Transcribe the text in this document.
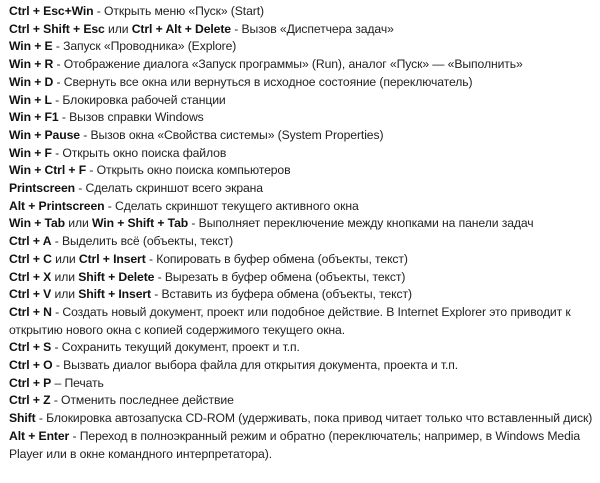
Ctrl + Esc+Win - Открыть меню «Пуск» (Start)

Ctrl + Shift + Esc или Ctrl + Alt + Delete - Вызов «Диспетчера задач»

Win + E - Запуск «Проводника» (Explore)

Win + R - Отображение диалога «Запуск программы» (Run), аналог «Пуск» — «Выполнить»

Win + D - Свернуть все окна или вернуться в исходное состояние (переключатель)

Win + L - Блокировка рабочей станции

Win + F1 - Вызов справки Windows

Win + Pause - Вызов окна «Свойства системы» (System Properties)

Win + F - Открыть окно поиска файлов

Win + Ctrl + F - Открыть окно поиска компьютеров

Printscreen - Сделать скриншот всего экрана

Alt + Printscreen - Сделать скриншот текущего активного окна

Win + Tab или Win + Shift + Tab - Выполняет переключение между кнопками на панели задач

Ctrl + A - Выделить всё (объекты, текст)

Ctrl + C или Ctrl + Insert - Копировать в буфер обмена (объекты, текст)

Ctrl + X или Shift + Delete - Вырезать в буфер обмена (объекты, текст)

Ctrl + V или Shift + Insert - Вставить из буфера обмена (объекты, текст)

Ctrl + N - Создать новый документ, проект или подобное действие. В Internet Explorer это приводит к открытию нового окна с копией содержимого текущего окна.

Ctrl + S - Сохранить текущий документ, проект и т.п.

Ctrl + O - Вызвать диалог выбора файла для открытия документа, проекта и т.п.

Ctrl + P – Печать

Ctrl + Z - Отменить последнее действие

Shift - Блокировка автозапуска CD-ROM (удерживать, пока привод читает только что вставленный диск)

Alt + Enter - Переход в полноэкранный режим и обратно (переключатель; например, в Windows Media Player или в окне командного интерпретатора).
